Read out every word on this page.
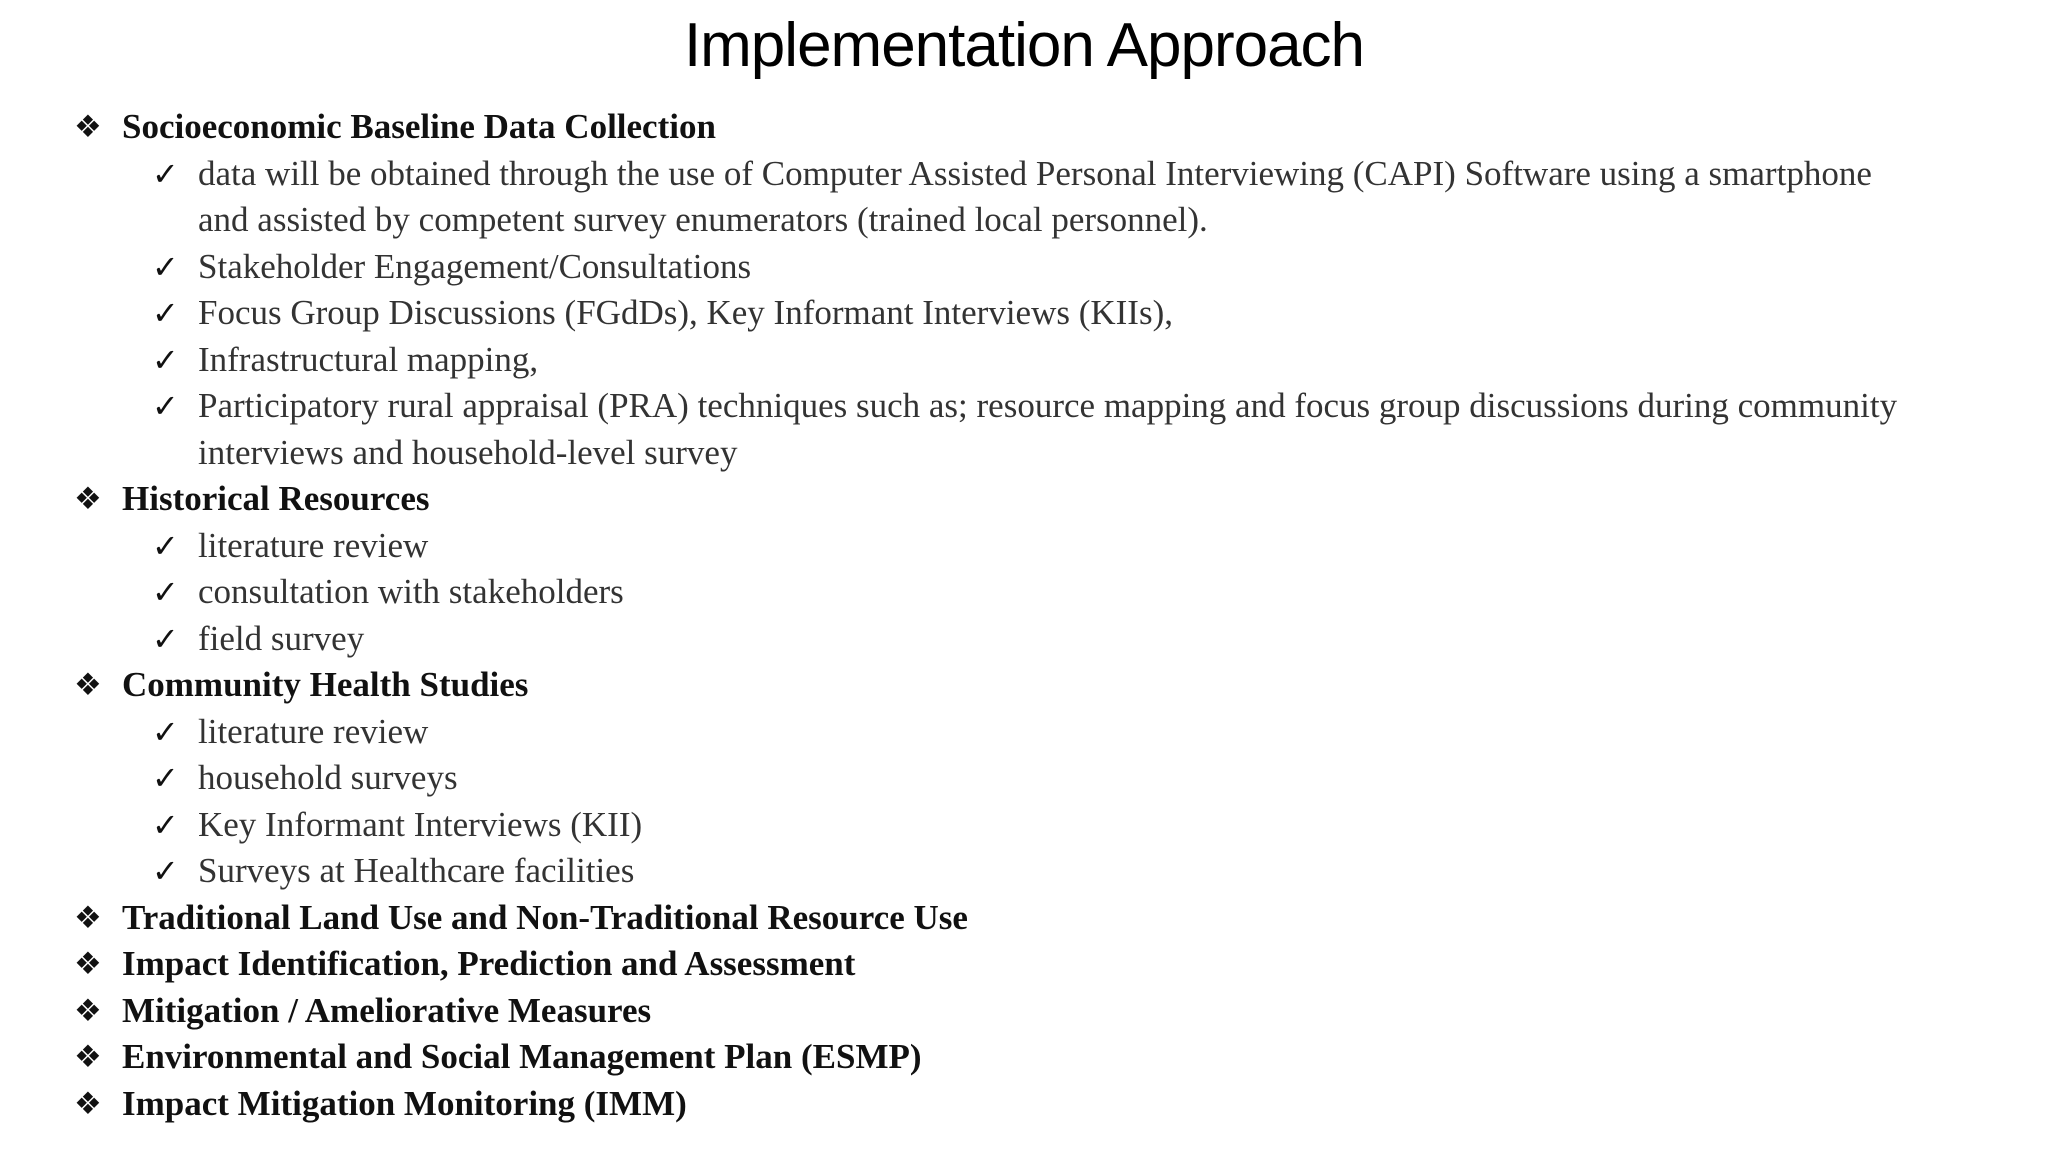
Implementation Approach
❖ Socioeconomic Baseline Data Collection
✓ data will be obtained through the use of Computer Assisted Personal Interviewing (CAPI) Software using a smartphone and assisted by competent survey enumerators (trained local personnel).
✓ Stakeholder Engagement/Consultations
✓ Focus Group Discussions (FGdDs), Key Informant Interviews (KIIs),
✓ Infrastructural mapping,
✓ Participatory rural appraisal (PRA) techniques such as; resource mapping and focus group discussions during community interviews and household-level survey
❖ Historical Resources
✓ literature review
✓ consultation with stakeholders
✓ field survey
❖ Community Health Studies
✓ literature review
✓ household surveys
✓ Key Informant Interviews (KII)
✓ Surveys at Healthcare facilities
❖ Traditional Land Use and Non-Traditional Resource Use
❖ Impact Identification, Prediction and Assessment
❖ Mitigation / Ameliorative Measures
❖ Environmental and Social Management Plan (ESMP)
❖ Impact Mitigation Monitoring (IMM)
